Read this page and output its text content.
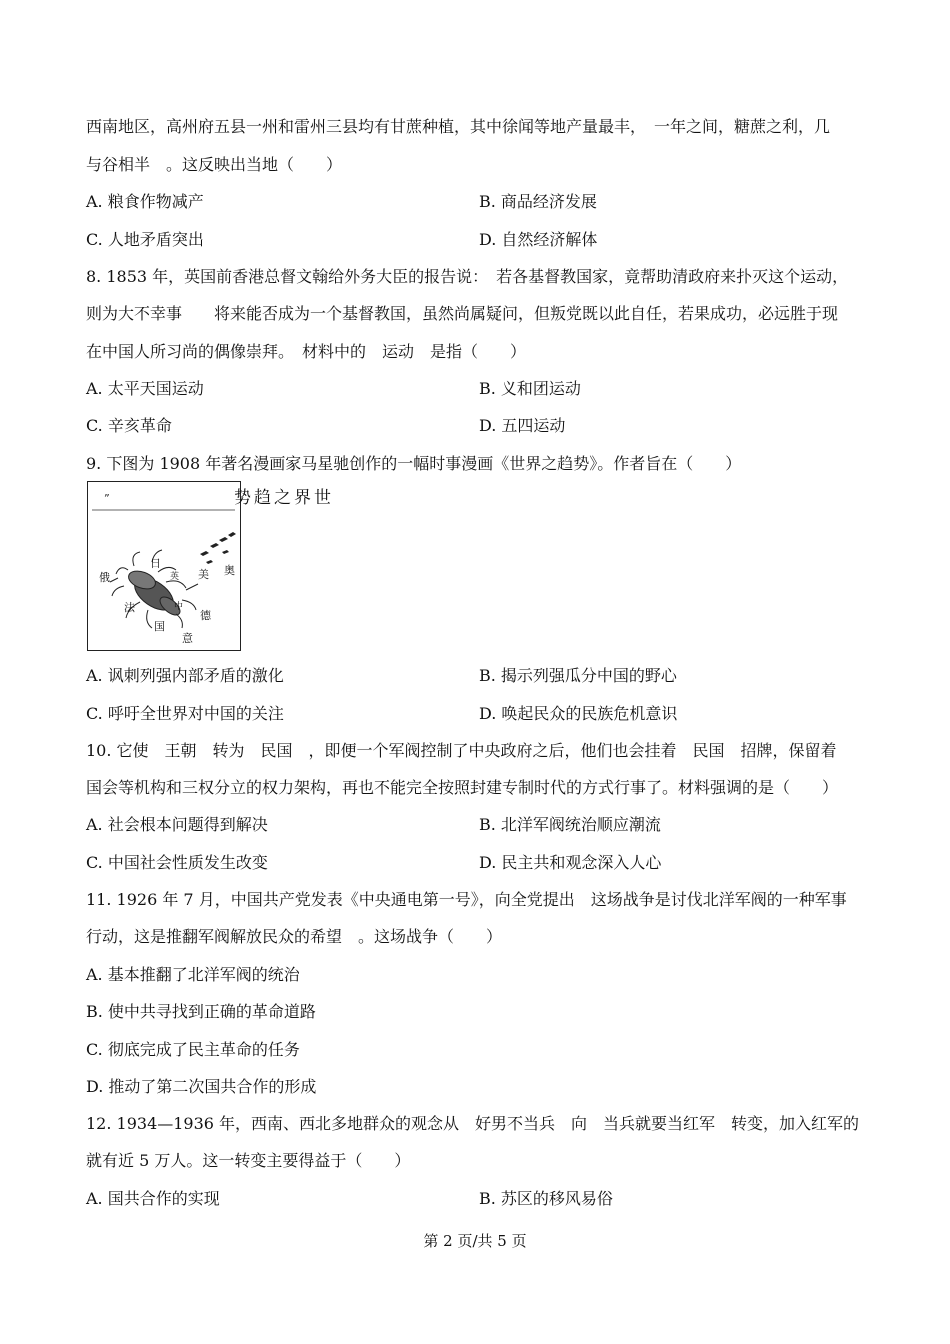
西南地区，高州府五县一州和雷州三县均有甘蔗种植，其中徐闻等地产量最丰，　一年之间，糖蔗之利，几
与谷相半　。这反映出当地（　　）
A. 粮食作物减产	B. 商品经济发展
C. 人地矛盾突出	D. 自然经济解体
8. 1853 年，英国前香港总督文翰给外务大臣的报告说：　若各基督教国家，竟帮助清政府来扑灭这个运动，
则为大不幸事　　将来能否成为一个基督教国，虽然尚属疑问，但叛党既以此自任，若果成功，必远胜于现
在中国人所习尚的偶像崇拜。　材料中的　运动　是指（　　）
A. 太平天国运动	B. 义和团运动
C. 辛亥革命	D. 五四运动
9. 下图为 1908 年著名漫画家马星驰创作的一幅时事漫画《世界之趋势》。作者旨在（　　）
”	世界之趋势
日
英 美 奥
俄
法	中
德
国
意
A. 讽刺列强内部矛盾的激化	B. 揭示列强瓜分中国的野心
C. 呼吁全世界对中国的关注	D. 唤起民众的民族危机意识
10. 它使　王朝　转为　民国　，即便一个军阀控制了中央政府之后，他们也会挂着　民国　招牌，保留着
国会等机构和三权分立的权力架构，再也不能完全按照封建专制时代的方式行事了。材料强调的是（　　）
A. 社会根本问题得到解决	B. 北洋军阀统治顺应潮流
C. 中国社会性质发生改变	D. 民主共和观念深入人心
11. 1926 年 7 月，中国共产党发表《中央通电第一号》，向全党提出　这场战争是讨伐北洋军阀的一种军事
行动，这是推翻军阀解放民众的希望　。这场战争（　　）
A. 基本推翻了北洋军阀的统治
B. 使中共寻找到正确的革命道路
C. 彻底完成了民主革命的任务
D. 推动了第二次国共合作的形成
12. 1934—1936 年，西南、西北多地群众的观念从　好男不当兵　向　当兵就要当红军　转变，加入红军的
就有近 5 万人。这一转变主要得益于（　　）
A. 国共合作的实现	B. 苏区的移风易俗
第 2 页/共 5 页
